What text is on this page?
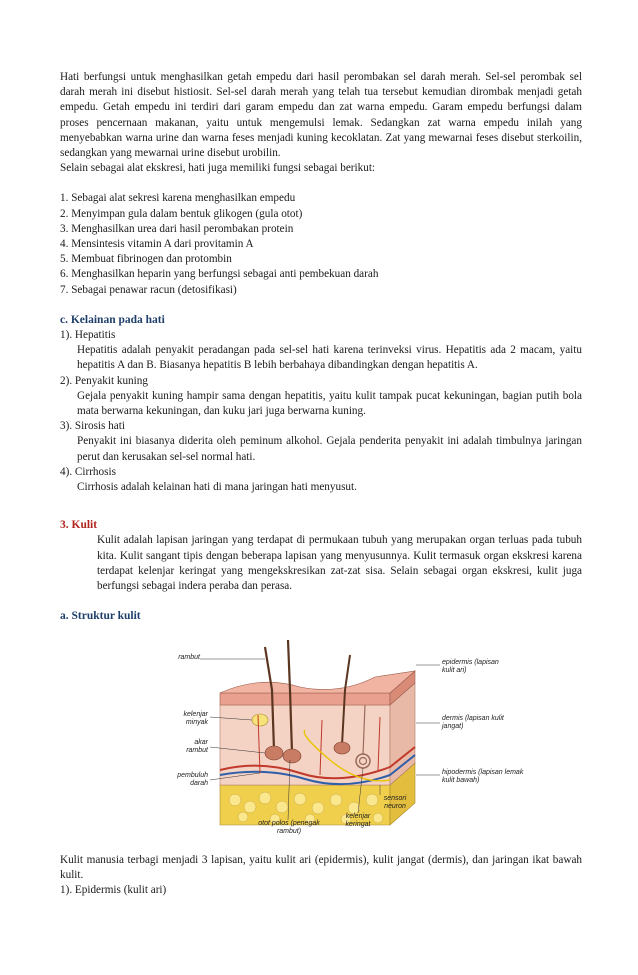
Hati berfungsi untuk menghasilkan getah empedu dari hasil perombakan sel darah merah. Sel-sel perombak sel darah merah ini disebut histiosit. Sel-sel darah merah yang telah tua tersebut kemudian dirombak menjadi getah empedu. Getah empedu ini terdiri dari garam empedu dan zat warna empedu. Garam empedu berfungsi dalam proses pencernaan makanan, yaitu untuk mengemulsi lemak. Sedangkan zat warna empedu inilah yang menyebabkan warna urine dan warna feses menjadi kuning kecoklatan. Zat yang mewarnai feses disebut sterkoilin, sedangkan yang mewarnai urine disebut urobilin.

Selain sebagai alat ekskresi, hati juga memiliki fungsi sebagai berikut:

1. Sebagai alat sekresi karena menghasilkan empedu
2. Menyimpan gula dalam bentuk glikogen (gula otot)
3. Menghasilkan urea dari hasil perombakan protein
4. Mensintesis vitamin A dari provitamin A
5. Membuat fibrinogen dan protombin
6. Menghasilkan heparin yang berfungsi sebagai anti pembekuan darah
7. Sebagai penawar racun (detosifikasi)

c. Kelainan pada hati

1). Hepatitis

Hepatitis adalah penyakit peradangan pada sel-sel hati karena terinveksi virus. Hepatitis ada 2 macam, yaitu hepatitis A dan B. Biasanya hepatitis B lebih berbahaya dibandingkan dengan hepatitis A.

2). Penyakit kuning

Gejala penyakit kuning hampir sama dengan hepatitis, yaitu kulit tampak pucat kekuningan, bagian putih bola mata berwarna kekuningan, dan kuku jari juga berwarna kuning.

3). Sirosis hati

Penyakit ini biasanya diderita oleh peminum alkohol. Gejala penderita penyakit ini adalah timbulnya jaringan perut dan kerusakan sel-sel normal hati.

4). Cirrhosis

Cirrhosis adalah kelainan hati di mana jaringan hati menyusut.

3. Kulit

Kulit adalah lapisan jaringan yang terdapat di permukaan tubuh yang merupakan organ terluas pada tubuh kita. Kulit sangant tipis dengan beberapa lapisan yang menyusunnya. Kulit termasuk organ ekskresi karena terdapat kelenjar keringat yang mengekskresikan zat-zat sisa. Selain sebagai organ ekskresi, kulit juga berfungsi sebagai indera peraba dan perasa.

a. Struktur kulit

rambut
epidermis (lapisan kulit ari)
kelenjar minyak
akar rambut
dermis (lapisan kulit jangat)
pembuluh darah
hipodermis (lapisan lemak kulit bawah)
sensori neuron
kelenjar keringat
otot polos (penegak rambut)

Kulit manusia terbagi menjadi 3 lapisan, yaitu kulit ari (epidermis), kulit jangat (dermis), dan jaringan ikat bawah kulit.

1). Epidermis (kulit ari)
